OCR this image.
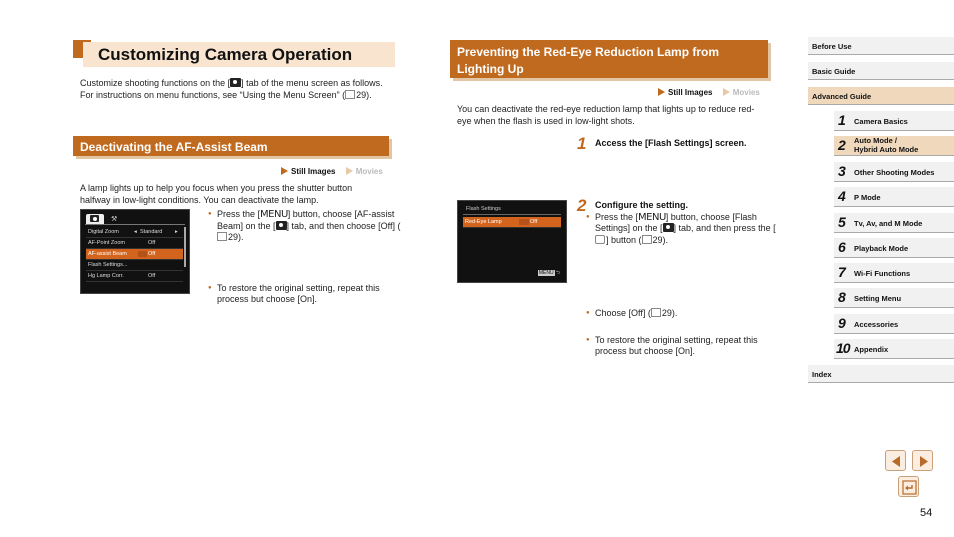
Customizing Camera Operation
Customize shooting functions on the [ ] tab of the menu screen as follows.
For instructions on menu functions, see “Using the Menu Screen” ( 29).
Deactivating the AF-Assist Beam
Still Images	Movies
A lamp lights up to help you focus when you press the shutter button halfway in low-light conditions. You can deactivate the lamp.
⚒
Digital Zoom	◂ Standard ▸
AF-Point Zoom	Off
AF-assist Beam	Off
Flash Settings...
Hg Lamp Corr.	Off
● Press the [MENU] button, choose [AF-assist Beam] on the [ ] tab, and then choose [Off] (29).
● To restore the original setting, repeat this process but choose [On].
Preventing the Red-Eye Reduction Lamp from Lighting Up
Still Images	Movies
You can deactivate the red-eye reduction lamp that lights up to reduce red-eye when the flash is used in low-light shots.
Flash Settings
Red-Eye Lamp	Off
MENU ⮌
1 Access the [Flash Settings] screen.
● Press the [MENU] button, choose [Flash Settings] on the [ ] tab, and then press the [] button ( 29).
2 Configure the setting.
● Choose [Off] ( 29).
● To restore the original setting, repeat this process but choose [On].
Before Use
Basic Guide
Advanced Guide
1 Camera Basics
2 Auto Mode /
Hybrid Auto Mode
3 Other Shooting Modes
4 P Mode
5 Tv, Av, and M Mode
6 Playback Mode
7 Wi-Fi Functions
8 Setting Menu
9 Accessories
10 Appendix
Index
54
